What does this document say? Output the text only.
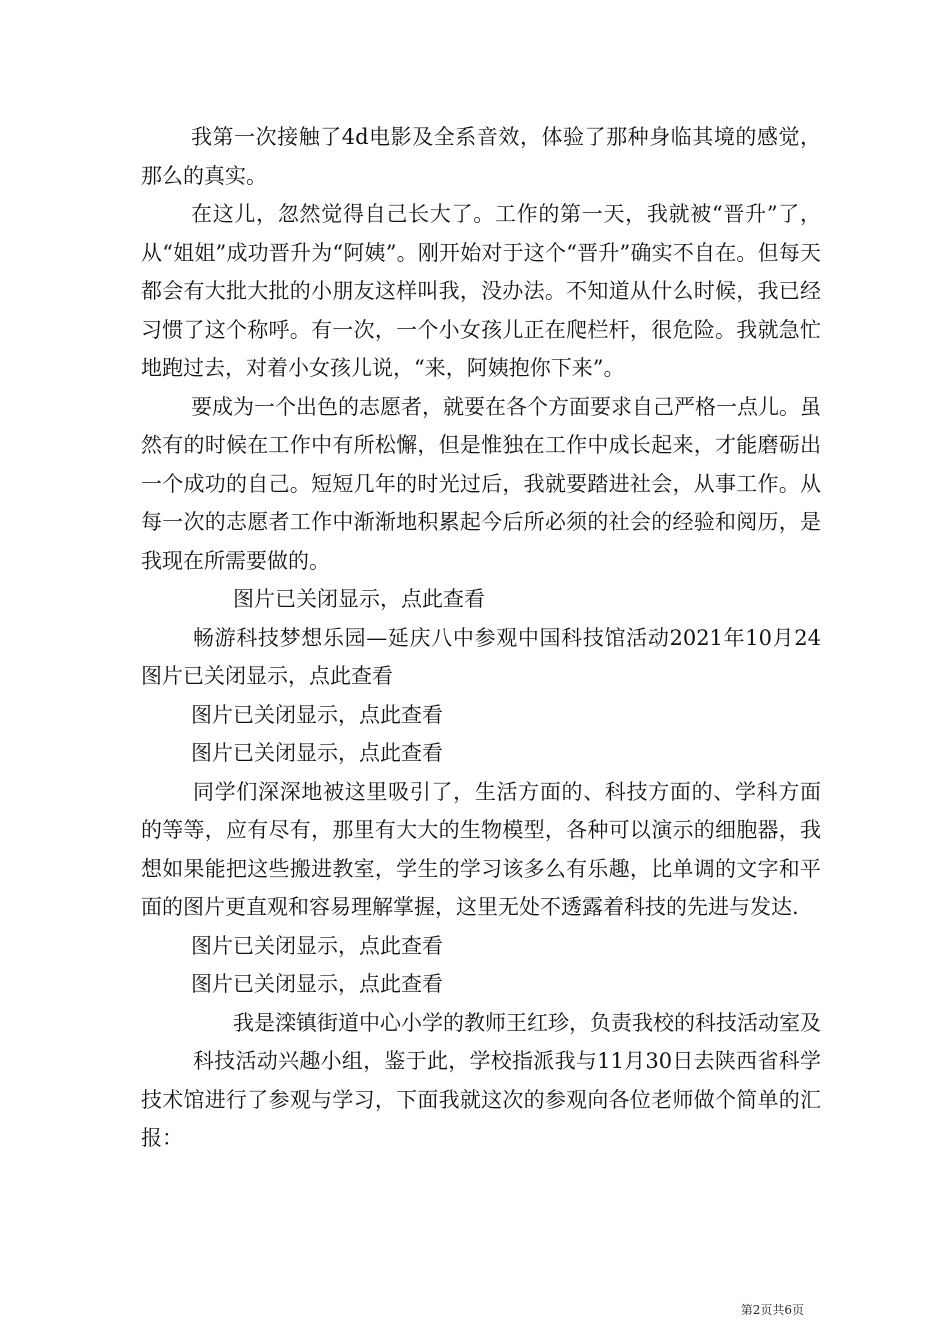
我第一次接触了4d电影及全系音效，体验了那种身临其境的感觉，那么的真实。

在这儿，忽然觉得自己长大了。工作的第一天，我就被“晋升”了，从“姐姐”成功晋升为“阿姨”。刚开始对于这个“晋升”确实不自在。但每天都会有大批大批的小朋友这样叫我，没办法。不知道从什么时候，我已经习惯了这个称呼。有一次，一个小女孩儿正在爬栏杆，很危险。我就急忙地跑过去，对着小女孩儿说，“来，阿姨抱你下来”。

要成为一个出色的志愿者，就要在各个方面要求自己严格一点儿。虽然有的时候在工作中有所松懈，但是惟独在工作中成长起来，才能磨砺出一个成功的自己。短短几年的时光过后，我就要踏进社会，从事工作。从每一次的志愿者工作中渐渐地积累起今后所必须的社会的经验和阅历，是我现在所需要做的。

图片已关闭显示，点此查看

畅游科技梦想乐园—延庆八中参观中国科技馆活动2021年10月24图片已关闭显示，点此查看

图片已关闭显示，点此查看

图片已关闭显示，点此查看

同学们深深地被这里吸引了，生活方面的、科技方面的、学科方面的等等，应有尽有，那里有大大的生物模型，各种可以演示的细胞器，我想如果能把这些搬进教室，学生的学习该多么有乐趣，比单调的文字和平面的图片更直观和容易理解掌握，这里无处不透露着科技的先进与发达.

图片已关闭显示，点此查看

图片已关闭显示，点此查看

我是滦镇街道中心小学的教师王红珍，负责我校的科技活动室及

科技活动兴趣小组，鉴于此，学校指派我与11月30日去陕西省科学技术馆进行了参观与学习，下面我就这次的参观向各位老师做个简单的汇报：

第2页共6页
